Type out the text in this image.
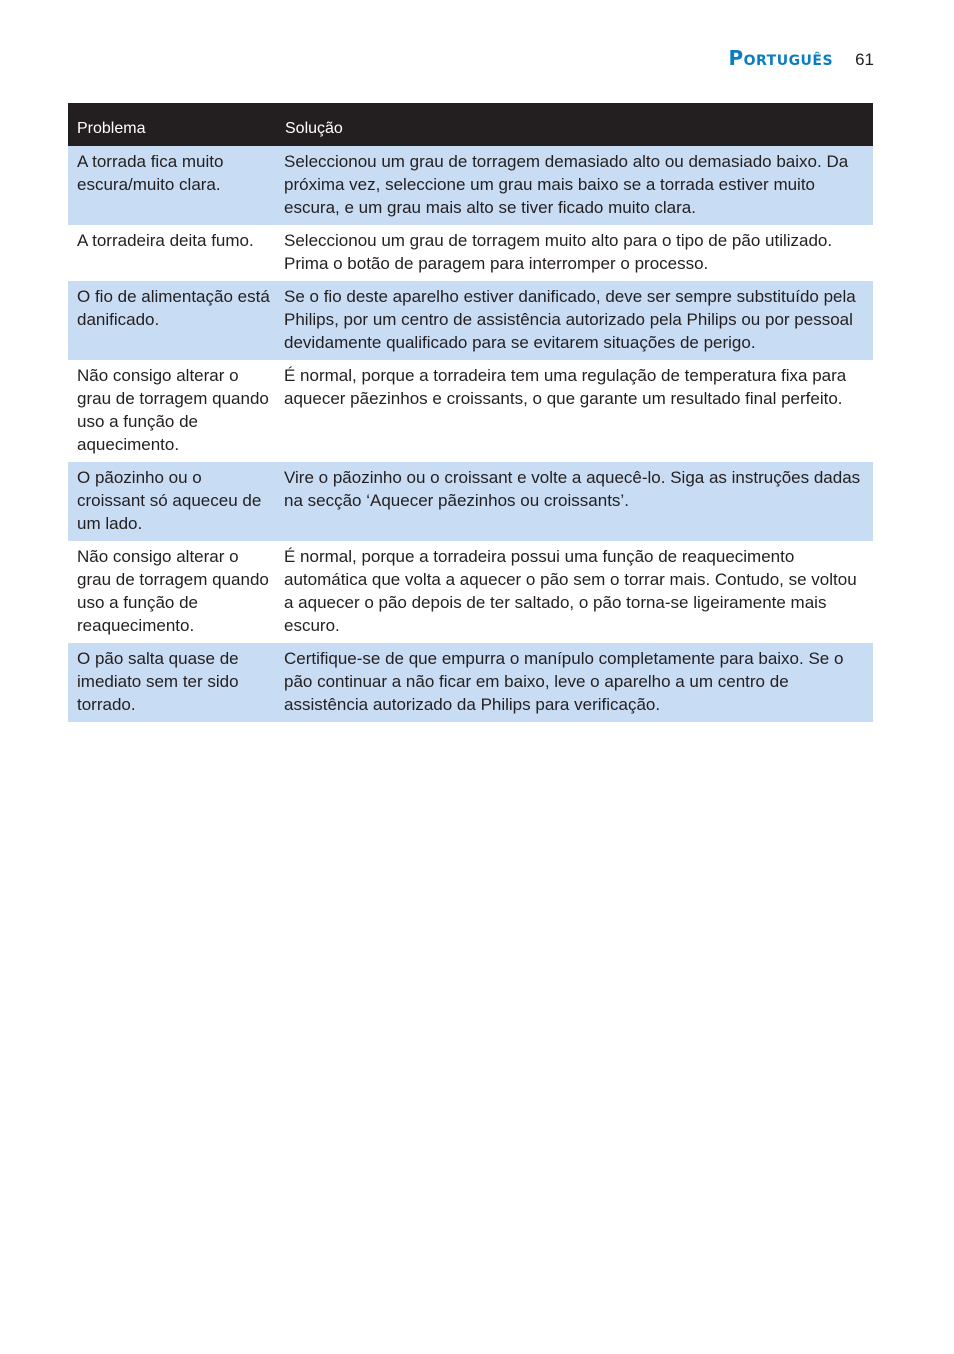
Português 61
Problema	Solução
A torrada fica muito escura/muito clara.	Seleccionou um grau de torragem demasiado alto ou demasiado baixo. Da próxima vez, seleccione um grau mais baixo se a torrada estiver muito escura, e um grau mais alto se tiver ficado muito clara.
A torradeira deita fumo.	Seleccionou um grau de torragem muito alto para o tipo de pão utilizado. Prima o botão de paragem para interromper o processo.
O fio de alimentação está danificado.	Se o fio deste aparelho estiver danificado, deve ser sempre substituído pela Philips, por um centro de assistência autorizado pela Philips ou por pessoal devidamente qualificado para se evitarem situações de perigo.
Não consigo alterar o grau de torragem quando uso a função de aquecimento.	É normal, porque a torradeira tem uma regulação de temperatura fixa para aquecer pãezinhos e croissants, o que garante um resultado final perfeito.
O pãozinho ou o croissant só aqueceu de um lado.	Vire o pãozinho ou o croissant e volte a aquecê-lo. Siga as instruções dadas na secção ‘Aquecer pãezinhos ou croissants’.
Não consigo alterar o grau de torragem quando uso a função de reaquecimento.	É normal, porque a torradeira possui uma função de reaquecimento automática que volta a aquecer o pão sem o torrar mais. Contudo, se voltou a aquecer o pão depois de ter saltado, o pão torna-se ligeiramente mais escuro.
O pão salta quase de imediato sem ter sido torrado.	Certifique-se de que empurra o manípulo completamente para baixo. Se o pão continuar a não ficar em baixo, leve o aparelho a um centro de assistência autorizado da Philips para verificação.
